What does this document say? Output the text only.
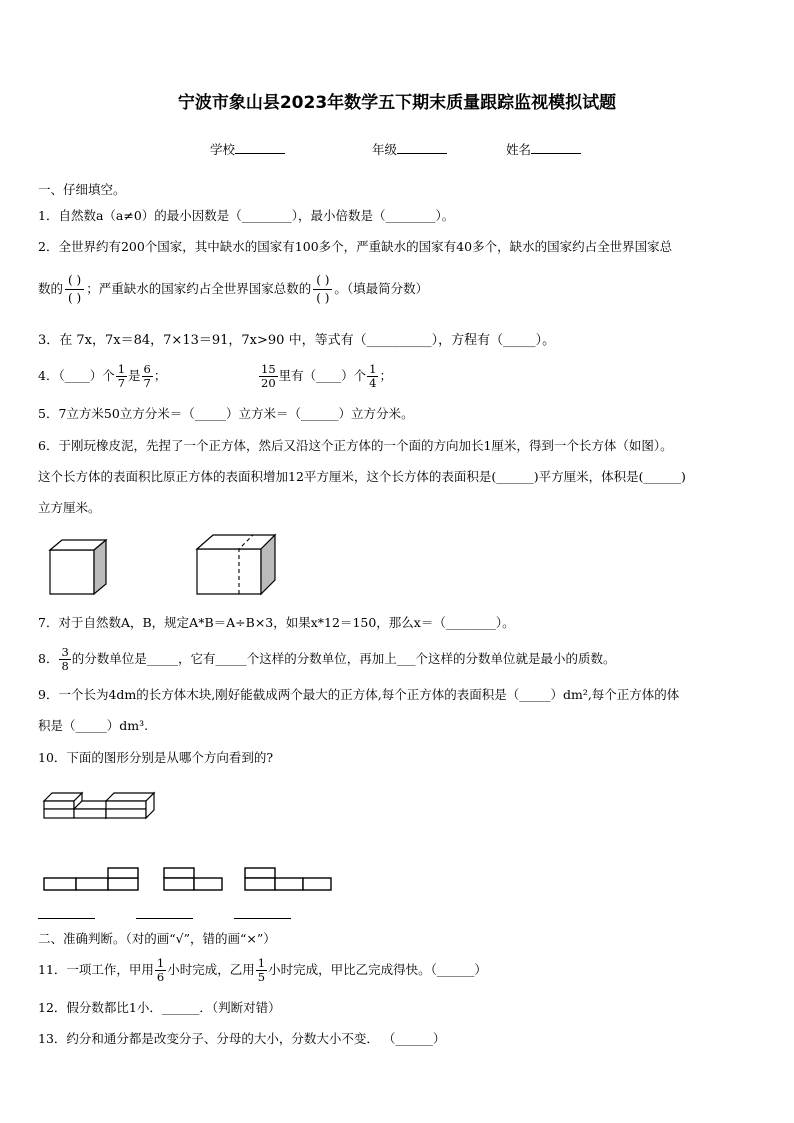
宁波市象山县2023年数学五下期末质量跟踪监视模拟试题
学校	年级	姓名
一、仔细填空。
1．自然数a（a≠0）的最小因数是（________），最小倍数是（________）。
2．全世界约有200个国家，其中缺水的国家有100多个，严重缺水的国家有40多个，缺水的国家约占全世界国家总
数的
( )
( )
；严重缺水的国家约占全世界国家总数的
( )
( )
。（填最简分数）
3．在 7x，7x＝84，7×13＝91，7x>90 中，等式有（__________），方程有（_____）。
4．（____）个 $\frac{1}{7}$ 是 $\frac{6}{7}$ ；	$\frac{15}{20}$ 里有（____）个 $\frac{1}{4}$ ；
5．7立方米50立方分米＝（_____）立方米＝（______）立方分米。
6．于刚玩橡皮泥，先捏了一个正方体，然后又沿这个正方体的一个面的方向加长1厘米，得到一个长方体（如图）。
这个长方体的表面积比原正方体的表面积增加12平方厘米，这个长方体的表面积是(______)平方厘米，体积是(______)
立方厘米。
7．对于自然数A，B，规定A*B＝A÷B×3，如果x*12＝150，那么x＝（________）。
8． $\frac{3}{8}$ 的分数单位是_____，它有_____个这样的分数单位，再加上___个这样的分数单位就是最小的质数。
9．一个长为4dm的长方体木块,刚好能截成两个最大的正方体,每个正方体的表面积是（_____）dm²,每个正方体的体
积是（_____）dm³.
10．下面的图形分别是从哪个方向看到的?
二、准确判断。（对的画“√”，错的画“×”）
11．一项工作，甲用 $\frac{1}{6}$ 小时完成，乙用 $\frac{1}{5}$ 小时完成，甲比乙完成得快。（______）
12．假分数都比1小．______．（判断对错）
13．约分和通分都是改变分子、分母的大小，分数大小不变． （______）
